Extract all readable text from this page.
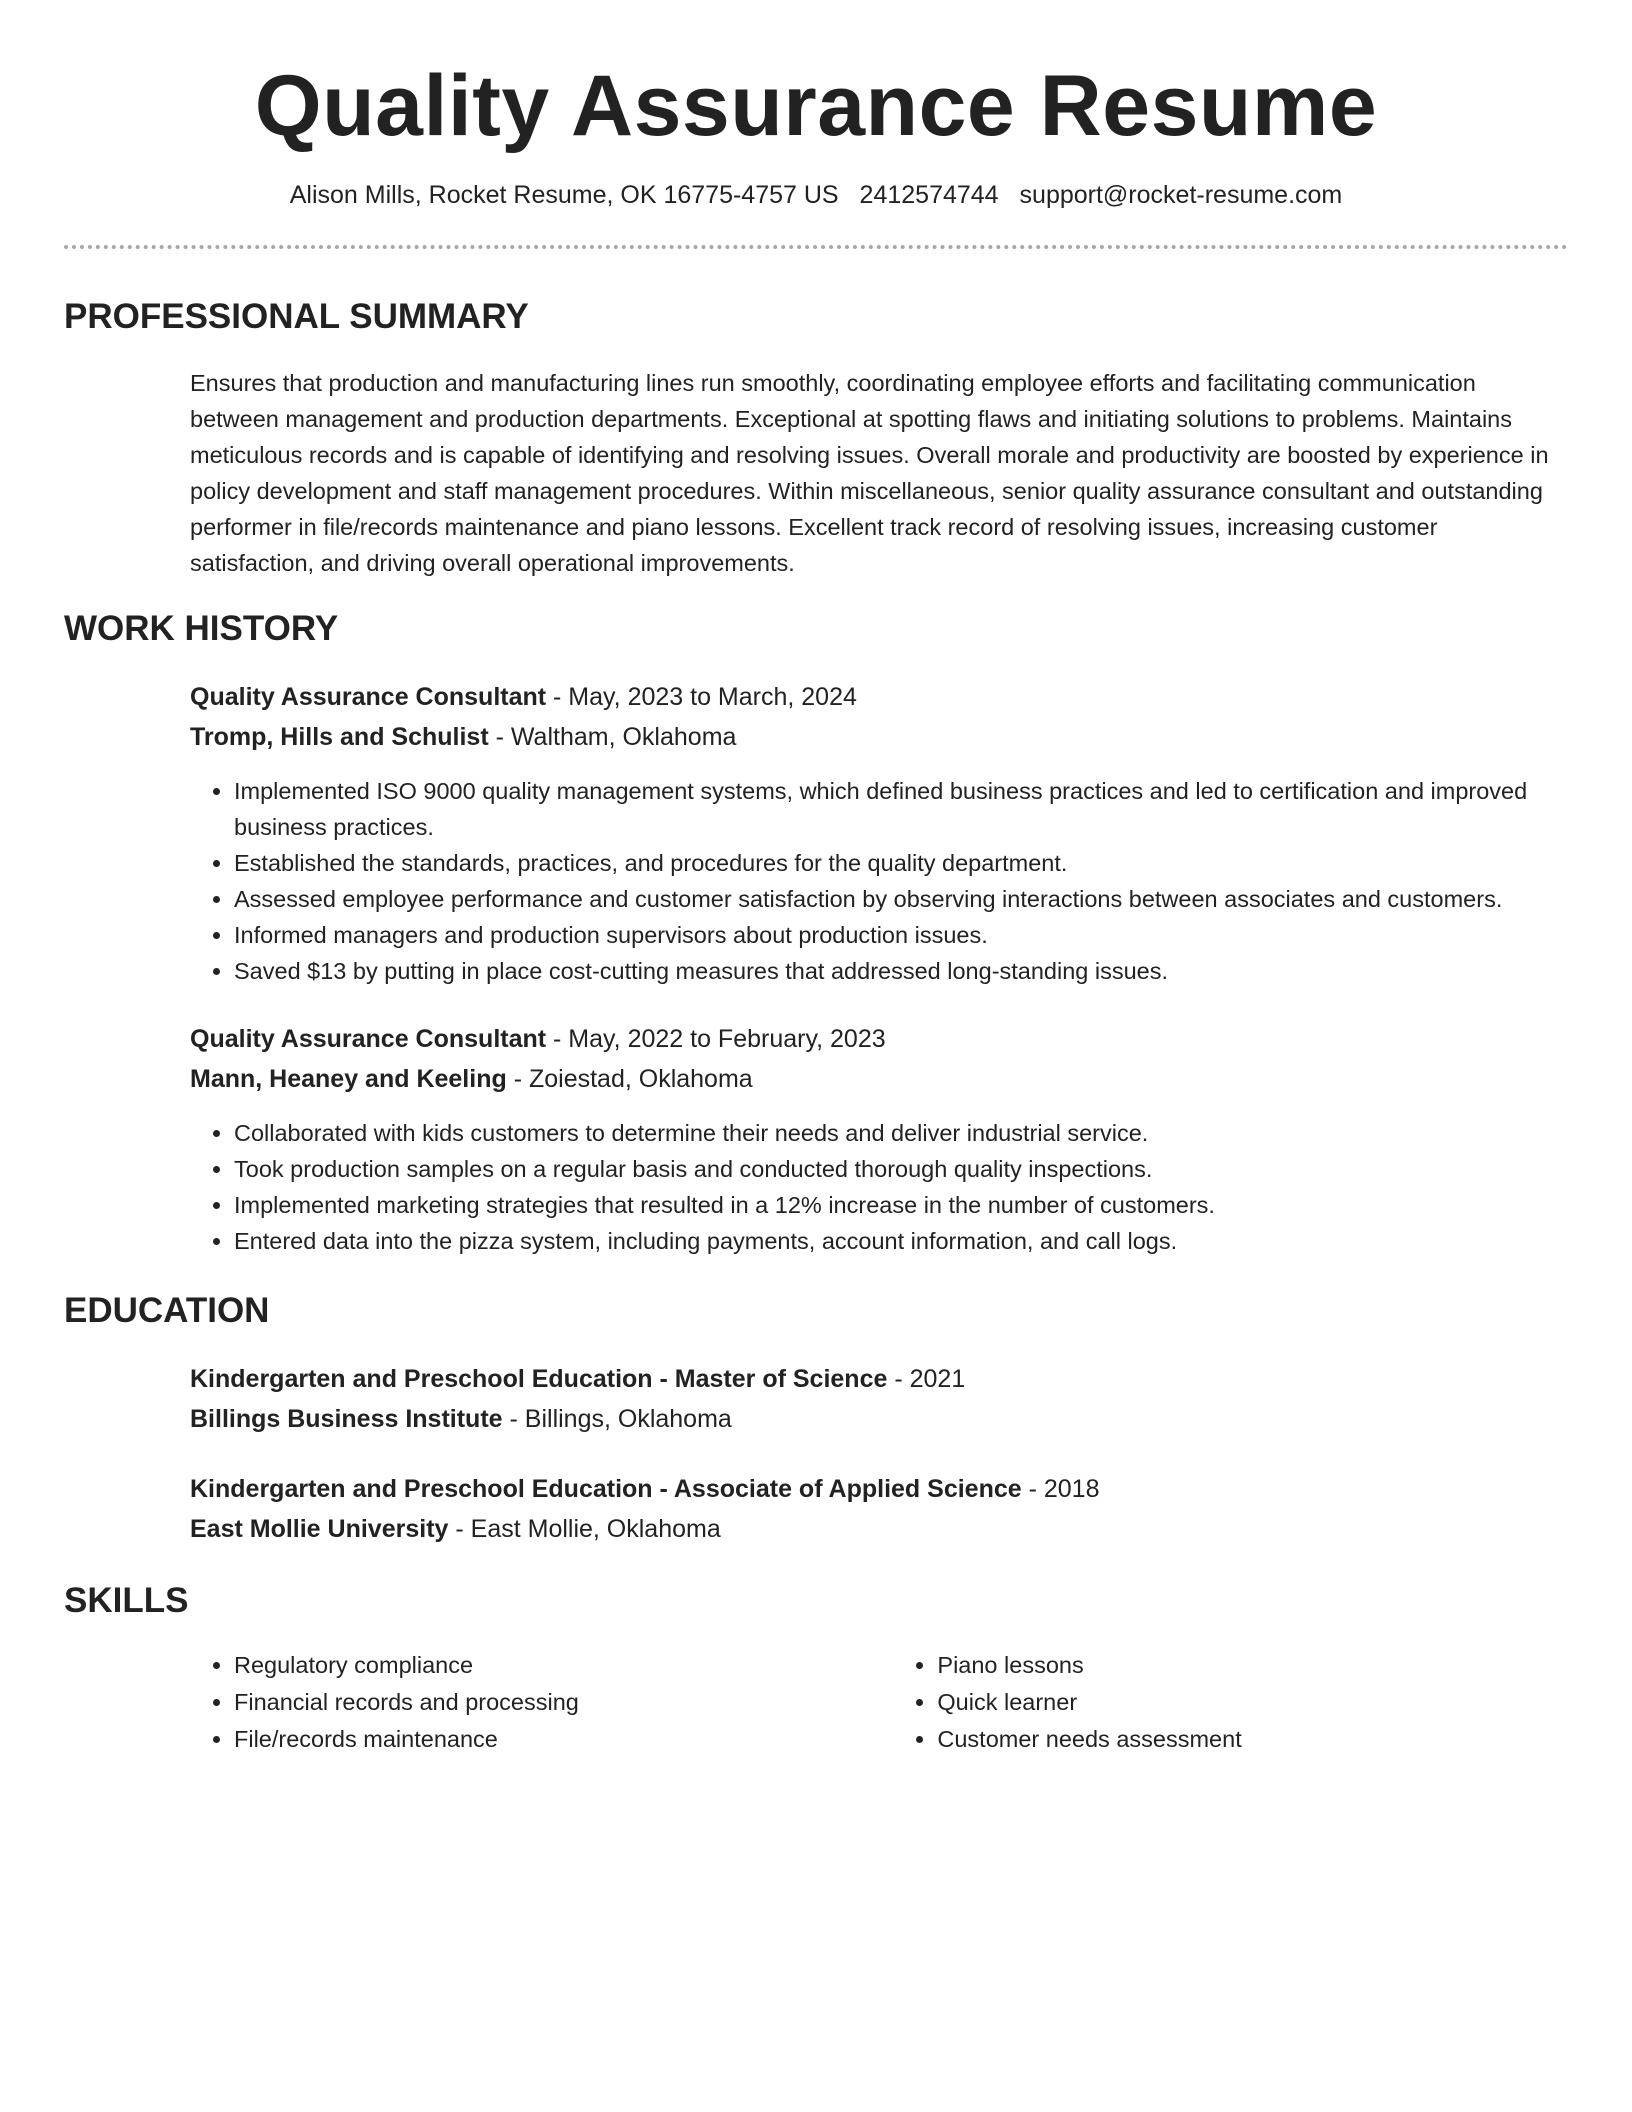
Quality Assurance Resume
Alison Mills, Rocket Resume, OK 16775-4757 US 2412574744 support@rocket-resume.com
PROFESSIONAL SUMMARY
Ensures that production and manufacturing lines run smoothly, coordinating employee efforts and facilitating communication between management and production departments. Exceptional at spotting flaws and initiating solutions to problems. Maintains meticulous records and is capable of identifying and resolving issues. Overall morale and productivity are boosted by experience in policy development and staff management procedures. Within miscellaneous, senior quality assurance consultant and outstanding performer in file/records maintenance and piano lessons. Excellent track record of resolving issues, increasing customer satisfaction, and driving overall operational improvements.
WORK HISTORY
Quality Assurance Consultant - May, 2023 to March, 2024
Tromp, Hills and Schulist - Waltham, Oklahoma
• Implemented ISO 9000 quality management systems, which defined business practices and led to certification and improved business practices.
• Established the standards, practices, and procedures for the quality department.
• Assessed employee performance and customer satisfaction by observing interactions between associates and customers.
• Informed managers and production supervisors about production issues.
• Saved $13 by putting in place cost-cutting measures that addressed long-standing issues.
Quality Assurance Consultant - May, 2022 to February, 2023
Mann, Heaney and Keeling - Zoiestad, Oklahoma
• Collaborated with kids customers to determine their needs and deliver industrial service.
• Took production samples on a regular basis and conducted thorough quality inspections.
• Implemented marketing strategies that resulted in a 12% increase in the number of customers.
• Entered data into the pizza system, including payments, account information, and call logs.
EDUCATION
Kindergarten and Preschool Education - Master of Science - 2021
Billings Business Institute - Billings, Oklahoma
Kindergarten and Preschool Education - Associate of Applied Science - 2018
East Mollie University - East Mollie, Oklahoma
SKILLS
• Regulatory compliance
• Financial records and processing
• File/records maintenance
• Piano lessons
• Quick learner
• Customer needs assessment
